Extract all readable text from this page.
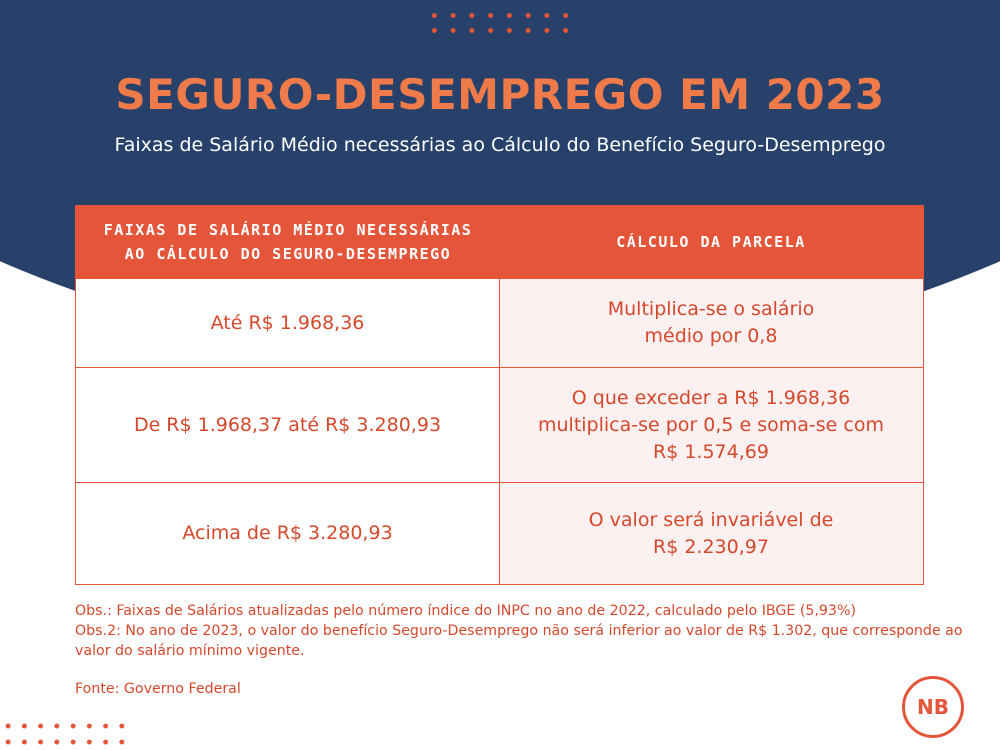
SEGURO-DESEMPREGO EM 2023

Faixas de Salário Médio necessárias ao Cálculo do Benefício Seguro-Desemprego

FAIXAS DE SALÁRIO MÉDIO NECESSÁRIAS
AO CÁLCULO DO SEGURO-DESEMPREGO
CÁLCULO DA PARCELA
Até R$ 1.968,36
Multiplica-se o salário
médio por 0,8
De R$ 1.968,37 até R$ 3.280,93
O que exceder a R$ 1.968,36
multiplica-se por 0,5 e soma-se com
R$ 1.574,69
Acima de R$ 3.280,93
O valor será invariável de
R$ 2.230,97
Obs.: Faixas de Salários atualizadas pelo número índice do INPC no ano de 2022, calculado pelo IBGE (5,93%)
Obs.2: No ano de 2023, o valor do benefício Seguro-Desemprego não será inferior ao valor de R$ 1.302, que corresponde ao valor do salário mínimo vigente.
Fonte: Governo Federal
NB
